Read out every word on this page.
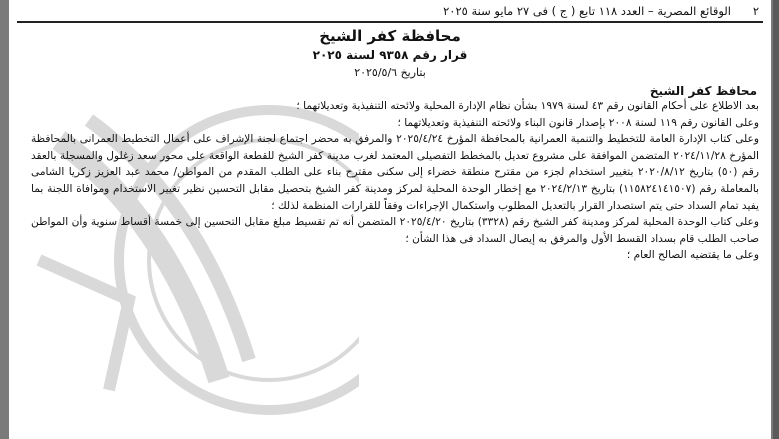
٢
الوقائع المصرية – العدد ١١٨ تابع ( ج ) فى ٢٧ مايو سنة ٢٠٢٥
محافظة كفر الشيخ
قرار رقم ٩٣٥٨ لسنة ٢٠٢٥
بتاريخ ٢٠٢٥/٥/٦
محافظ كفر الشيخ

بعد الاطلاع على أحكام القانون رقم ٤٣ لسنة ١٩٧٩ بشأن نظام الإدارة المحلية ولائحته التنفيذية وتعديلاتهما ؛

وعلى القانون رقم ١١٩ لسنة ٢٠٠٨ بإصدار قانون البناء ولائحته التنفيذية وتعديلاتهما ؛

وعلى كتاب الإدارة العامة للتخطيط والتنمية العمرانية بالمحافظة المؤرخ ٢٠٢٥/٤/٢٤ والمرفق به محضر اجتماع لجنة الإشراف على أعمال التخطيط العمرانى بالمحافظة المؤرخ ٢٠٢٤/١١/٢٨ المتضمن الموافقة على مشروع تعديل بالمخطط التفصيلى المعتمد لغرب مدينة كفر الشيخ للقطعة الواقعة على محور سعد زغلول والمسجلة بالعقد رقم (٥٠) بتاريخ ٢٠٢٠/٨/١٢ بتغيير استخدام لجزء من مقترح منطقة خضراء إلى سكنى مقترح بناء على الطلب المقدم من المواطن/ محمد عبد العزيز زكريا الشامى بالمعاملة رقم (١١٥٨٢٤١٤١٥٠٧) بتاريخ ٢٠٢٤/٢/١٣ مع إخطار الوحدة المحلية لمركز ومدينة كفر الشيخ بتحصيل مقابل التحسين نظير تغيير الاستخدام وموافاة اللجنة بما يفيد تمام السداد حتى يتم استصدار القرار بالتعديل المطلوب واستكمال الإجراءات وفقاً للقرارات المنظمة لذلك ؛

وعلى كتاب الوحدة المحلية لمركز ومدينة كفر الشيخ رقم (٣٣٢٨) بتاريخ ٢٠٢٥/٤/٢٠ المتضمن أنه تم تقسيط مبلغ مقابل التحسين إلى خمسة أقساط سنوية وأن المواطن صاحب الطلب قام بسداد القسط الأول والمرفق به إيصال السداد فى هذا الشأن ؛

وعلى ما يقتضيه الصالح العام ؛
